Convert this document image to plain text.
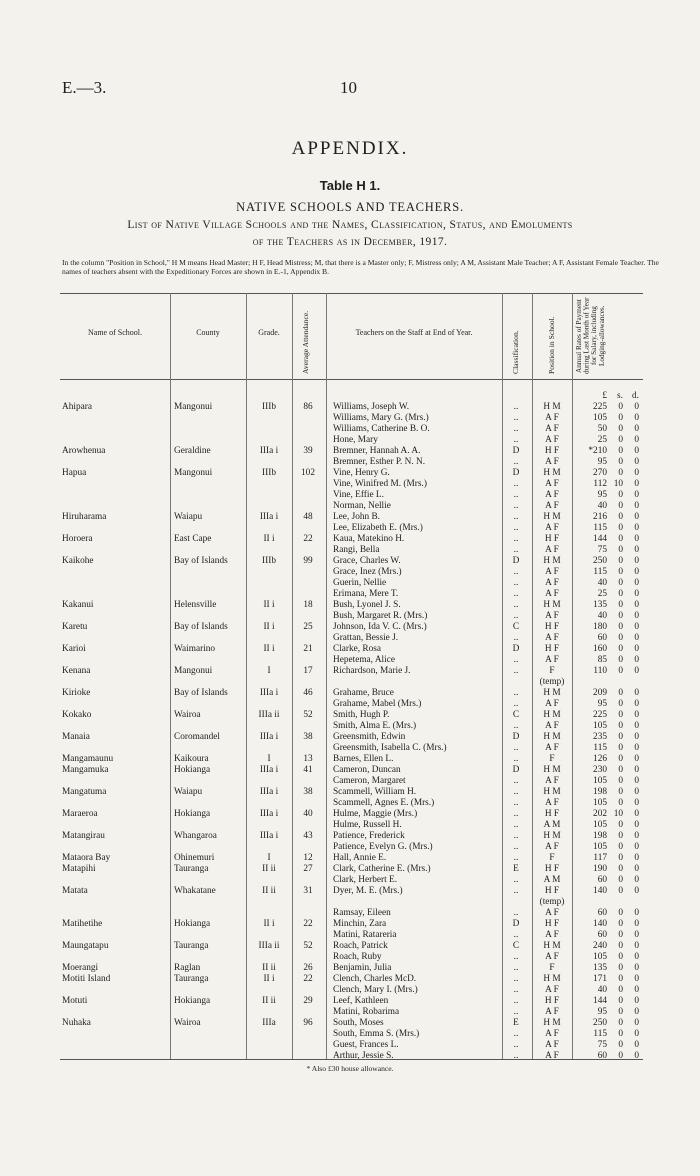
E.—3.	10
APPENDIX.
Table H 1.
NATIVE SCHOOLS AND TEACHERS.
List of Native Village Schools and the Names, Classification, Status, and Emoluments
of the Teachers as in December, 1917.
In the column "Position in School," H M means Head Master; H F, Head Mistress; M, that there is a Master only; F, Mistress only; A M, Assistant Male Teacher; A F, Assistant Female Teacher. The names of teachers absent with the Expeditionary Forces are shown in E.-1, Appendix B.
Name of School.	County	Grade.	Average Attendance.	Teachers on the Staff at End of Year.	Classification.	Position in School.	Annual Rates of Payment during Last Month of Year for Salary, including Lodging-allowances.
£	s. d.
Ahipara	Mangonui	IIIb	86	Williams, Joseph W.	..	H M	225	0	0
Williams, Mary G. (Mrs.)	..	A F	105	0	0
Williams, Catherine B. O.	..	A F	50	0	0
Hone, Mary	..	A F	25	0	0
Arowhenua	Geraldine	IIIa i	39	Bremner, Hannah A. A.	D	H F	*210	0	0
Bremner, Esther P. N. N.	..	A F	95	0	0
Hapua	Mangonui	IIIb	102	Vine, Henry G.	D	H M	270	0	0
Vine, Winifred M. (Mrs.)	..	A F	112 10	0
Vine, Effie L.	..	A F	95	0	0
Norman, Nellie	..	A F	40	0	0
Hiruharama	Waiapu	IIIa i	48	Lee, John B.	..	H M	216	0	0
Lee, Elizabeth E. (Mrs.)	..	A F	115	0	0
Horoera	East Cape	II i	22	Kaua, Matekino H.	..	H F	144	0	0
Rangi, Bella	..	A F	75	0	0
Kaikohe	Bay of Islands	IIIb	99	Grace, Charles W.	D	H M	250	0	0
Grace, Inez (Mrs.)	..	A F	115	0	0
Guerin, Nellie	..	A F	40	0	0
Erimana, Mere T.	..	A F	25	0	0
Kakanui	Helensville	II i	18	Bush, Lyonel J. S.	..	H M	135	0	0
Bush, Margaret R. (Mrs.)	..	A F	40	0	0
Karetu	Bay of Islands	II i	25	Johnson, Ida V. C. (Mrs.)	C	H F	180	0	0
Grattan, Bessie J.	..	A F	60	0	0
Karioi	Waimarino	II i	21	Clarke, Rosa	D	H F	160	0	0
Hepetema, Alice	..	A F	85	0	0
Kenana	Mangonui	I	17	Richardson, Marie J.	..	F	110	0	0
(temp)
Kirioke	Bay of Islands	IIIa i	46	Grahame, Bruce	..	H M	209	0	0
Grahame, Mabel (Mrs.)	..	A F	95	0	0
Kokako	Wairoa	IIIa ii	52	Smith, Hugh P.	C	H M	225	0	0
Smith, Alma E. (Mrs.)	..	A F	105	0	0
Manaia	Coromandel	IIIa i	38	Greensmith, Edwin	D	H M	235	0	0
Greensmith, Isabella C. (Mrs.)	..	A F	115	0	0
Mangamaunu	Kaikoura	I	13	Barnes, Ellen L.	..	F	126	0	0
Mangamuka	Hokianga	IIIa i	41	Cameron, Duncan	D	H M	230	0	0
Cameron, Margaret	..	A F	105	0	0
Mangatuma	Waiapu	IIIa i	38	Scammell, William H.	..	H M	198	0	0
Scammell, Agnes E. (Mrs.)	..	A F	105	0	0
Maraeroa	Hokianga	IIIa i	40	Hulme, Maggie (Mrs.)	..	H F	202 10	0
Hulme, Russell H.	..	A M	105	0	0
Matangirau	Whangaroa	IIIa i	43	Patience, Frederick	..	H M	198	0	0
Patience, Evelyn G. (Mrs.)	..	A F	105	0	0
Mataora Bay	Ohinemuri	I	12	Hall, Annie E.	..	F	117	0	0
Matapihi	Tauranga	II ii	27	Clark, Catherine E. (Mrs.)	E	H F	190	0	0
Clark, Herbert E.	..	A M	60	0	0
Matata	Whakatane	II ii	31	Dyer, M. E. (Mrs.)	..	H F	140	0	0
(temp)
Ramsay, Eileen	..	A F	60	0	0
Matihetihe	Hokianga	II i	22	Minchin, Zara	D	H F	140	0	0
Matini, Ratareria	..	A F	60	0	0
Maungatapu	Tauranga	IIIa ii	52	Roach, Patrick	C	H M	240	0	0
Roach, Ruby	..	A F	105	0	0
Moerangi	Raglan	II ii	26	Benjamin, Julia	..	F	135	0	0
Motiti Island	Tauranga	II i	22	Clench, Charles McD.	..	H M	171	0	0
Clench, Mary I. (Mrs.)	..	A F	40	0	0
Motuti	Hokianga	II ii	29	Leef, Kathleen	..	H F	144	0	0
Matini, Robarima	..	A F	95	0	0
Nuhaka	Wairoa	IIIa	96	South, Moses	E	H M	250	0	0
South, Emma S. (Mrs.)	..	A F	115	0	0
Guest, Frances L.	..	A F	75	0	0
Arthur, Jessie S.	..	A F	60	0	0
* Also £30 house allowance.
